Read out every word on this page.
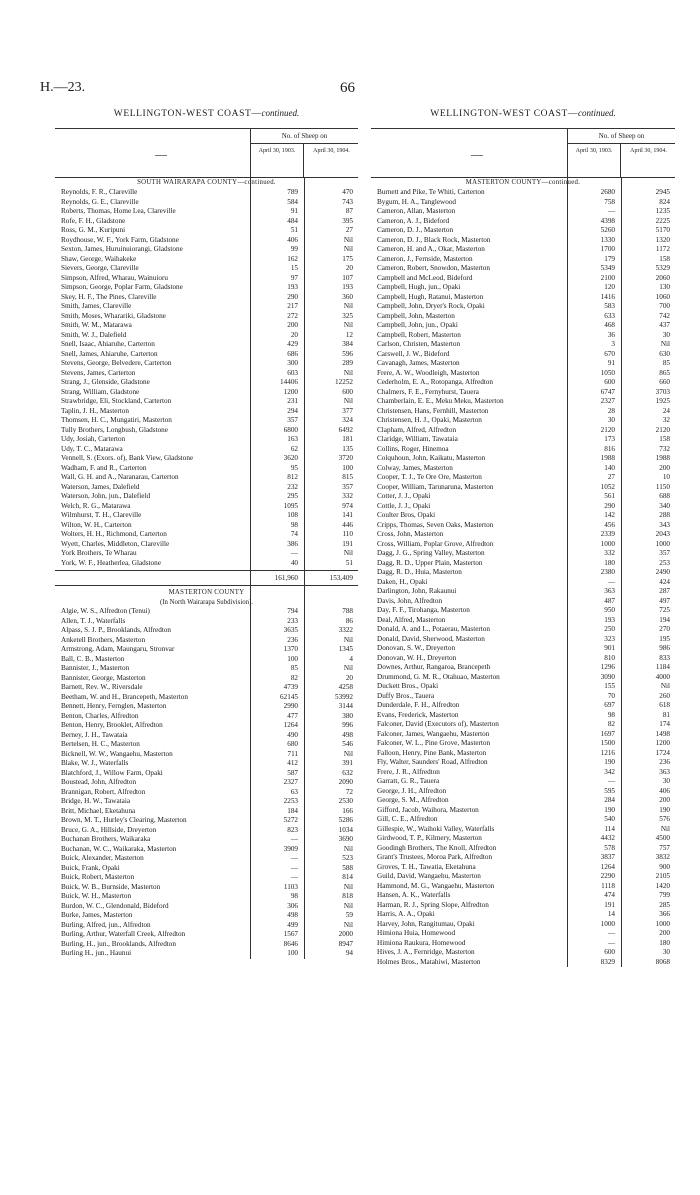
H.—23.	66
WELLINGTON-WEST COAST—continued.
—
No. of Sheep on
April 30, 1903.	April 30, 1904.
SOUTH WAIRARAPA COUNTY—continued.
Reynolds, F. R., Clareville	789	470
Reynolds, G. E., Clareville	584	743
Roberts, Thomas, Home Lea, Clareville	91	87
Rofe, F. H., Gladstone	484	395
Ross, G. M., Kuripuni	51	27
Roydhouse, W. F., York Farm, Gladstone	406	Nil
Sexton, James, Huruinuiorangi, Gladstone	99	Nil
Shaw, George, Waihakeke	162	175
Sievers, George, Clareville	15	20
Simpson, Alfred, Wharau, Wainuioru	97	107
Simpson, George, Poplar Farm, Gladstone	193	193
Skey, H. F., The Pines, Clareville	290	360
Smith, James, Clareville	217	Nil
Smith, Moses, Wharariki, Gladstone	272	325
Smith, W. M., Matarawa	200	Nil
Smith, W. J., Dalefield	20	12
Snell, Isaac, Ahiaruhe, Carterton	429	384
Snell, James, Ahiaruhe, Carterton	686	596
Stevens, George, Belvedere, Carterton	300	289
Stevens, James, Carterton	603	Nil
Strang, J., Glenside, Gladstone	14406	12252
Strang, William, Gladstone	1200	600
Strawbridge, Eli, Stockland, Carterton	231	Nil
Taplin, J. H., Masterton	294	377
Thomsen, H. C., Mungatiri, Masterton	357	324
Tully Brothers, Longbush, Gladstone	6800	6492
Udy, Josiah, Carterton	163	181
Udy, T. C., Matarawa	62	135
Vennell, S. (Exors. of), Bank View, Gladstone	3620	3720
Wadham, F. and R., Carterton	95	100
Wall, G. H. and A., Naranarau, Carterton	812	815
Waterson, James, Dalefield	232	357
Waterson, John, jun., Dalefield	295	332
Welch, R. G., Matarawa	1095	974
Wilmhurst, T. H., Clareville	108	141
Wilton, W. H., Carterton	98	446
Wolters, H. H., Richmond, Carterton	74	110
Wyett, Charles, Middleton, Clareville	386	191
York Brothers, Te Wharau	—	Nil
York, W. F., Heatherlea, Gladstone	40	51
161,960	153,409
MASTERTON COUNTY
(In North Wairarapa Subdivision).
Algie, W. S., Alfredton (Tenui)	794	788
Allen, T. J., Waterfalls	233	86
Alpass, S. J. P., Brooklands, Alfredton	3635	3322
Anketell Brothers, Masterton	236	Nil
Armstrong, Adam, Maungaru, Stronvar	1370	1345
Ball, C. B., Masterton	100	4
Bannister, J., Masterton	85	Nil
Bannister, George, Masterton	82	20
Barnett, Rev. W., Riversdale	4739	4258
Beetham, W. and H., Brancepeth, Masterton	62145	53992
Bennett, Henry, Fernglen, Masterton	2990	3144
Benton, Charles, Alfredton	477	380
Benton, Henry, Brooklet, Alfredton	1264	996
Berney, J. H., Tawataia	490	498
Bertelsen, H. C., Masterton	680	546
Bicknell, W. W., Wangaehu, Masterton	711	Nil
Blake, W. J., Waterfalls	412	391
Blatchford, J., Willow Farm, Opaki	587	632
Boustead, John, Alfredton	2327	2090
Brannigan, Robert, Alfredton	63	72
Bridge, H. W., Tawataia	2253	2530
Britt, Michael, Eketahuna	184	166
Brown, M. T., Hurley's Clearing, Masterton	5272	5286
Bruce, G. A., Hillside, Dreyerton	823	1034
Buchanan Brothers, Waikaraka	—	3690
Buchanan, W. C., Waikaraka, Masterton	3909	Nil
Buick, Alexander, Masterton	—	523
Buick, Frank, Opaki	—	588
Buick, Robert, Masterton	—	814
Buick, W. B., Burnside, Masterton	1103	Nil
Buick, W. H., Masterton	98	818
Burdon, W. C., Glendonald, Bideford	306	Nil
Burke, James, Masterton	498	59
Burling, Alfred, jun., Alfredton	499	Nil
Burling, Arthur, Waterfall Creek, Alfredton	1567	2000
Burling, H., jun., Brooklands, Alfredton	8646	8947
Burling H., jun., Haunui	100	94
WELLINGTON-WEST COAST—continued.
—
No. of Sheep on
April 30, 1903.	April 30, 1904.
MASTERTON COUNTY—continued.
Burnett and Pike, Te Whiti, Carterton	2680	2945
Bygum, H. A., Tanglewood	758	824
Cameron, Allan, Masterton	—	1235
Cameron, A. J., Bideford	4398	2225
Cameron, D. J., Masterton	5260	5170
Cameron, D. J., Black Rock, Masterton	1330	1320
Cameron, H. and A., Okar, Masterton	1700	1172
Cameron, J., Fernside, Masterton	179	158
Cameron, Robert, Snowdon, Masterton	5349	5329
Campbell and McLeod, Bideford	2100	2060
Campbell, Hugh, jun., Opaki	120	130
Campbell, Hugh, Ratanui, Masterton	1416	1060
Campbell, John, Dryer's Rock, Opaki	583	700
Campbell, John, Masterton	633	742
Campbell, John, jun., Opaki	468	437
Campbell, Robert, Masterton	36	30
Carlson, Christen, Masterton	3	Nil
Carswell, J. W., Bideford	670	630
Cavanagh, James, Masterton	91	85
Frere, A. W., Woodleigh, Masterton	1050	865
Cederholm, E. A., Rotopanga, Alfredton	600	660
Chalmers, F. E., Fernyhurst, Tauera	6747	3703
Chamberlain, E. E., Meku Meku, Masterton	2327	1925
Christensen, Hans, Fernhill, Masterton	28	24
Christensen, H. J., Opaki, Masterton	30	32
Clapham, Alfred, Alfredton	2120	2120
Claridge, William, Tawataia	173	158
Collins, Roger, Hinemoa	816	732
Colquhoun, John, Kaikatu, Masterton	1988	1988
Colway, James, Masterton	140	200
Cooper, T. J., Te Ore Ore, Masterton	27	10
Cooper, William, Tarunaruna, Masterton	1052	1150
Cotter, J. J., Opaki	561	688
Cottle, J. J., Opaki	290	340
Coulter Bros, Opaki	142	288
Cripps, Thomas, Seven Oaks, Masterton	456	343
Cross, John, Masterton	2339	2043
Cross, William, Poplar Grove, Alfredton	1000	1000
Dagg, J. G., Spring Valley, Masterton	332	357
Dagg, R. D., Upper Plain, Masterton	180	253
Dagg, R. D., Huia, Masterton	2380	2490
Daken, H., Opaki	—	424
Darlington, John, Rakaunui	363	287
Davis, John, Alfredton	487	497
Day, F. F., Tirohanga, Masterton	950	725
Deal, Alfred, Masterton	193	194
Donald, A. and L., Potaerau, Masterton	250	270
Donald, David, Sherwood, Masterton	323	195
Donovan, S. W., Dreyerton	901	986
Donovan, W. H., Dreyerton	810	833
Downes, Arthur, Rangaroa, Brancepeth	1296	1184
Drummond, G. M. R., Otahuao, Masterton	3090	4000
Duckett Bros., Opaki	155	Nil
Duffy Bros., Tauera	70	260
Dunderdale, F. H., Alfredton	697	618
Evans, Frederick, Masterton	98	81
Falconer, David (Executors of), Masterton	82	174
Falconer, James, Wangaehu, Masterton	1697	1498
Falconer, W. L., Pine Grove, Masterton	1500	1200
Falloon, Henry, Pine Bank, Masterton	1216	1724
Fly, Walter, Saunders' Road, Alfredton	190	236
Frere, J. R., Alfredton	342	363
Garratt, G. R., Tauera	—	30
George, J. H., Alfredton	595	406
George, S. M., Alfredton	284	200
Gifford, Jacob, Waihora, Masterton	190	190
Gill, C. E., Alfredton	540	576
Gillespie, W., Waihoki Valley, Waterfalls	114	Nil
Girdwood, T. P., Kilmery, Masterton	4432	4500
Goodingh Brothers, The Knoll, Alfredton	578	757
Grant's Trustees, Moroa Park, Alfredton	3837	3832
Groves, T. H., Tawatia, Eketahuna	1264	900
Guild, David, Wangaehu, Masterton	2290	2105
Hammond, M. G., Wangaehu, Masterton	1118	1420
Hansen, A. K., Waterfalls	474	799
Harman, R. J., Spring Slope, Alfredton	191	285
Harris, A. A., Opaki	14	366
Harvey, John, Rangitumau, Opaki	1000	1000
Himiona Huia, Homewood	—	200
Himiona Raukura, Homewood	—	180
Hives, J. A., Fernridge, Masterton	600	30
Holmes Bros., Matahiwi, Masterton	8329	8068
